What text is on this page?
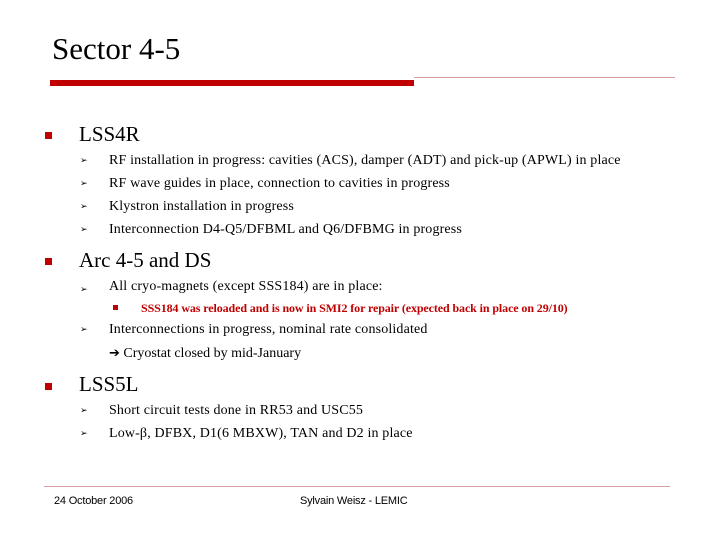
Sector 4-5
LSS4R
➢ RF installation in progress: cavities (ACS), damper (ADT) and pick-up (APWL) in place
➢ RF wave guides in place, connection to cavities in progress
➢ Klystron installation in progress
➢ Interconnection D4-Q5/DFBML and Q6/DFBMG in progress
Arc 4-5 and DS
➢ All cryo-magnets (except SSS184) are in place:
SSS184 was reloaded and is now in SMI2 for repair (expected back in place on 29/10)
➢ Interconnections in progress, nominal rate consolidated
➔ Cryostat closed by mid-January
LSS5L
➢ Short circuit tests done in RR53 and USC55
➢ Low-β, DFBX, D1(6 MBXW), TAN and D2 in place
24 October 2006	Sylvain Weisz - LEMIC
